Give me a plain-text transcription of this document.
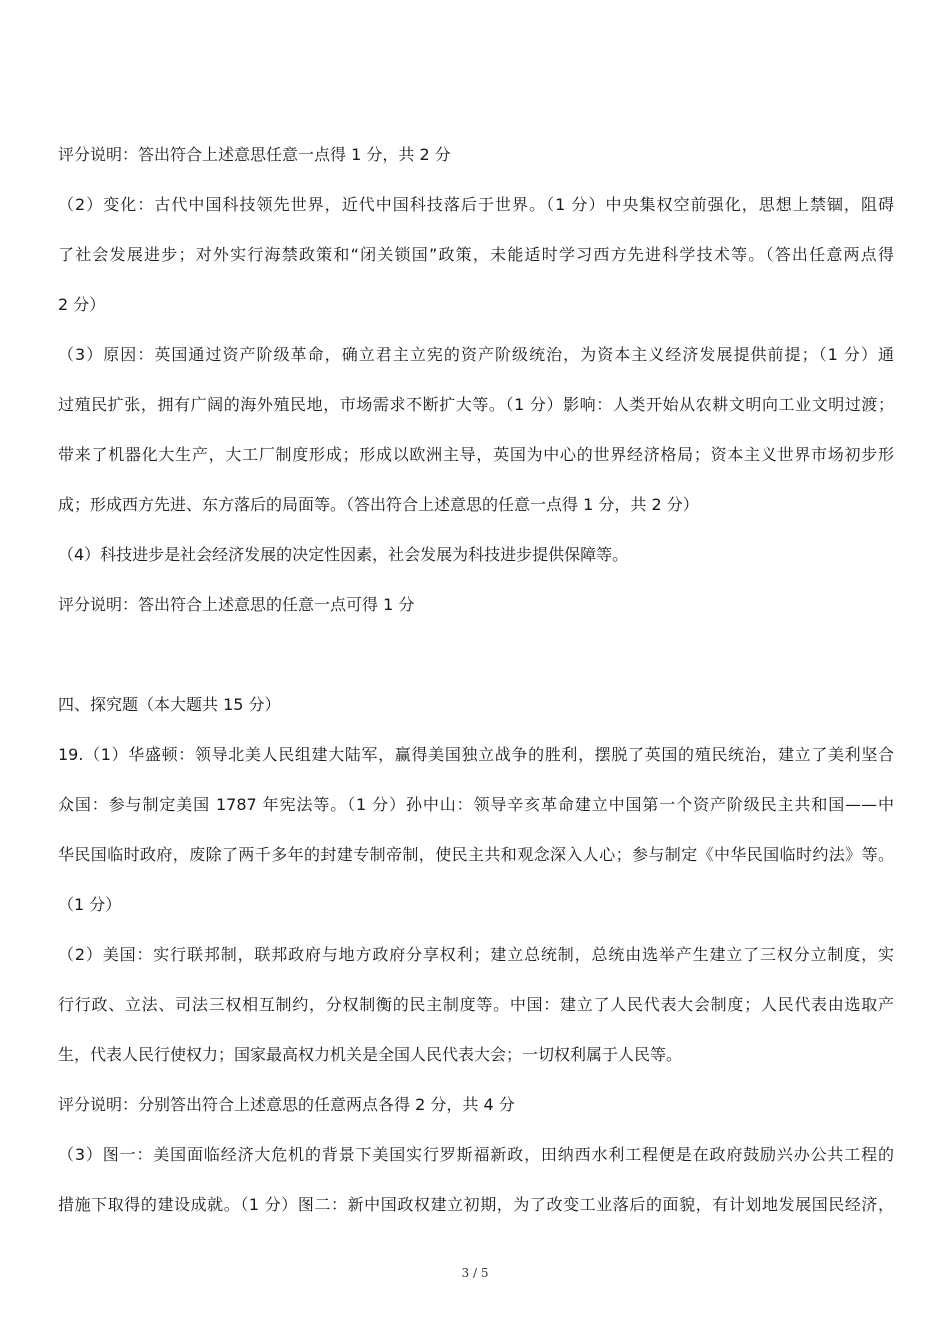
评分说明：答出符合上述意思任意一点得 1 分，共 2 分
（2）变化：古代中国科技领先世界，近代中国科技落后于世界。（1 分）中央集权空前强化，思想上禁锢，阻碍
了社会发展进步；对外实行海禁政策和“闭关锁国”政策，未能适时学习西方先进科学技术等。（答出任意两点得
2 分）
（3）原因：英国通过资产阶级革命，确立君主立宪的资产阶级统治，为资本主义经济发展提供前提；（1 分）通
过殖民扩张，拥有广阔的海外殖民地，市场需求不断扩大等。（1 分）影响：人类开始从农耕文明向工业文明过渡；
带来了机器化大生产，大工厂制度形成；形成以欧洲主导，英国为中心的世界经济格局；资本主义世界市场初步形
成；形成西方先进、东方落后的局面等。（答出符合上述意思的任意一点得 1 分，共 2 分）
（4）科技进步是社会经济发展的决定性因素，社会发展为科技进步提供保障等。
评分说明：答出符合上述意思的任意一点可得 1 分
四、探究题（本大题共 15 分）
19.（1）华盛顿：领导北美人民组建大陆军，赢得美国独立战争的胜利，摆脱了英国的殖民统治，建立了美利坚合
众国：参与制定美国 1787 年宪法等。（1 分）孙中山：领导辛亥革命建立中国第一个资产阶级民主共和国——中
华民国临时政府，废除了两千多年的封建专制帝制，使民主共和观念深入人心；参与制定《中华民国临时约法》等。
（1 分）
（2）美国：实行联邦制，联邦政府与地方政府分享权利；建立总统制，总统由选举产生建立了三权分立制度，实
行行政、立法、司法三权相互制约，分权制衡的民主制度等。中国：建立了人民代表大会制度；人民代表由选取产
生，代表人民行使权力；国家最高权力机关是全国人民代表大会；一切权利属于人民等。
评分说明：分别答出符合上述意思的任意两点各得 2 分，共 4 分
（3）图一：美国面临经济大危机的背景下美国实行罗斯福新政，田纳西水利工程便是在政府鼓励兴办公共工程的
措施下取得的建设成就。（1 分）图二：新中国政权建立初期，为了改变工业落后的面貌，有计划地发展国民经济，
3 / 5
